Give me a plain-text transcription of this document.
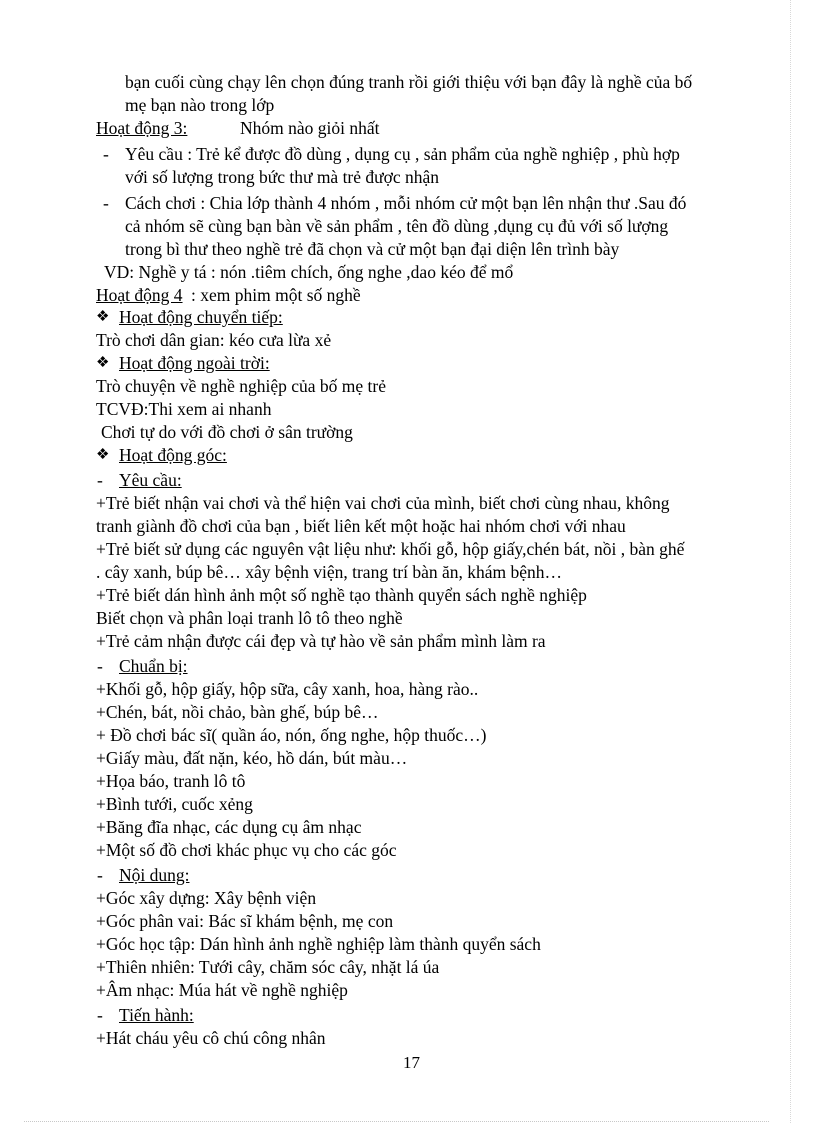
bạn cuối cùng chạy lên chọn đúng tranh rồi giới thiệu với bạn đây là nghề của bố
mẹ bạn nào trong lớp
Hoạt động 3:	Nhóm nào giỏi nhất
- Yêu cầu : Trẻ kể được đồ dùng , dụng cụ , sản phẩm của nghề nghiệp , phù hợp
với số lượng trong bức thư mà trẻ được nhận
- Cách chơi : Chia lớp thành 4 nhóm , mỗi nhóm cử một bạn lên nhận thư .Sau đó
cả nhóm sẽ cùng bạn bàn về sản phẩm , tên đồ dùng ,dụng cụ đủ với số lượng
trong bì thư theo nghề trẻ đã chọn và cử một bạn đại diện lên trình bày
VD: Nghề y tá : nón .tiêm chích, ống nghe ,dao kéo để mổ
Hoạt động 4 : xem phim một số nghề
❖ Hoạt động chuyển tiếp:
Trò chơi dân gian: kéo cưa lừa xẻ
❖ Hoạt động ngoài trời:
Trò chuyện về nghề nghiệp của bố mẹ trẻ
TCVĐ:Thi xem ai nhanh
Chơi tự do với đồ chơi ở sân trường
❖ Hoạt động góc:
- Yêu cầu:
+Trẻ biết nhận vai chơi và thể hiện vai chơi của mình, biết chơi cùng nhau, không
tranh giành đồ chơi của bạn , biết liên kết một hoặc hai nhóm chơi với nhau
+Trẻ biết sử dụng các nguyên vật liệu như: khối gỗ, hộp giấy,chén bát, nồi , bàn ghế
. cây xanh, búp bê… xây bệnh viện, trang trí bàn ăn, khám bệnh…
+Trẻ biết dán hình ảnh một số nghề tạo thành quyển sách nghề nghiệp
Biết chọn và phân loại tranh lô tô theo nghề
+Trẻ cảm nhận được cái đẹp và tự hào về sản phẩm mình làm ra
- Chuẩn bị:
+Khối gỗ, hộp giấy, hộp sữa, cây xanh, hoa, hàng rào..
+Chén, bát, nồi chảo, bàn ghế, búp bê…
+ Đồ chơi bác sĩ( quần áo, nón, ống nghe, hộp thuốc…)
+Giấy màu, đất nặn, kéo, hồ dán, bút màu…
+Họa báo, tranh lô tô
+Bình tưới, cuốc xẻng
+Băng đĩa nhạc, các dụng cụ âm nhạc
+Một số đồ chơi khác phục vụ cho các góc
- Nội dung:
+Góc xây dựng: Xây bệnh viện
+Góc phân vai: Bác sĩ khám bệnh, mẹ con
+Góc học tập: Dán hình ảnh nghề nghiệp làm thành quyển sách
+Thiên nhiên: Tưới cây, chăm sóc cây, nhặt lá úa
+Âm nhạc: Múa hát về nghề nghiệp
- Tiến hành:
+Hát cháu yêu cô chú công nhân
17
